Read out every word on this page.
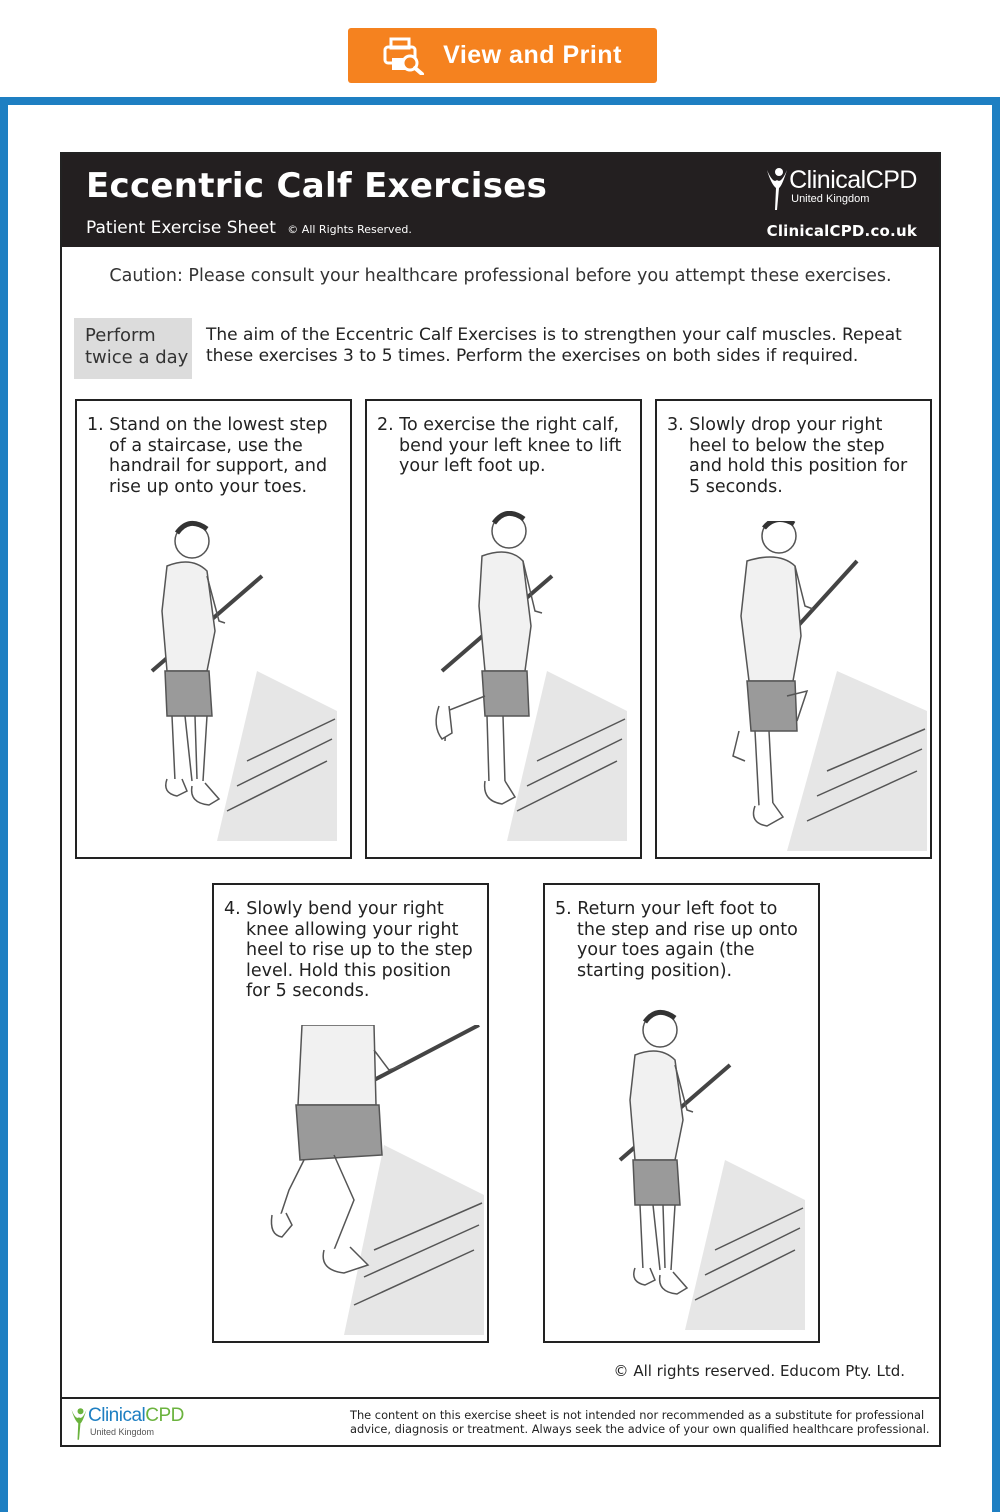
View and Print
Eccentric Calf Exercises
Patient Exercise Sheet © All Rights Reserved.
ClinicalCPD
United Kingdom
ClinicalCPD.co.uk
Caution: Please consult your healthcare professional before you attempt these exercises.
Perform
twice a day
The aim of the Eccentric Calf Exercises is to strengthen your calf muscles. Repeat these exercises 3 to 5 times. Perform the exercises on both sides if required.
1. Stand on the lowest step of a staircase, use the handrail for support, and rise up onto your toes.
2. To exercise the right calf, bend your left knee to lift your left foot up.
3. Slowly drop your right heel to below the step and hold this position for 5 seconds.
4. Slowly bend your right knee allowing your right heel to rise up to the step level. Hold this position for 5 seconds.
5. Return your left foot to the step and rise up onto your toes again (the starting position).
© All rights reserved. Educom Pty. Ltd.
ClinicalCPD
United Kingdom
The content on this exercise sheet is not intended nor recommended as a substitute for professional advice, diagnosis or treatment. Always seek the advice of your own qualified healthcare professional.
